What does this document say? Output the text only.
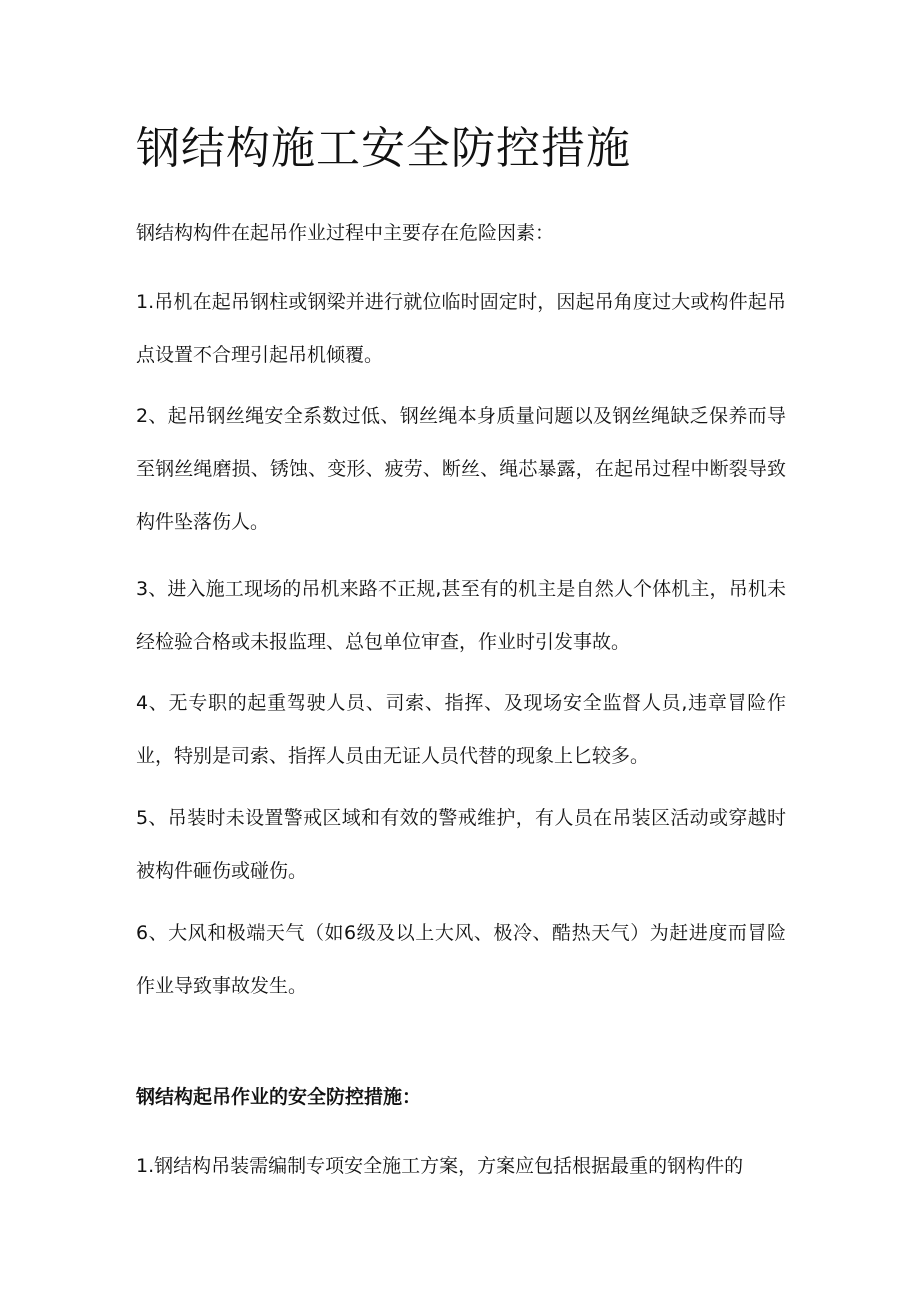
钢结构施工安全防控措施

钢结构构件在起吊作业过程中主要存在危险因素：

1.吊机在起吊钢柱或钢梁并进行就位临时固定时，因起吊角度过大或构件起吊点设置不合理引起吊机倾覆。

2、起吊钢丝绳安全系数过低、钢丝绳本身质量问题以及钢丝绳缺乏保养而导至钢丝绳磨损、锈蚀、变形、疲劳、断丝、绳芯暴露，在起吊过程中断裂导致构件坠落伤人。

3、进入施工现场的吊机来路不正规,甚至有的机主是自然人个体机主，吊机未经检验合格或未报监理、总包单位审查，作业时引发事故。

4、无专职的起重驾驶人员、司索、指挥、及现场安全监督人员,违章冒险作业，特别是司索、指挥人员由无证人员代替的现象上匕较多。

5、吊装时未设置警戒区域和有效的警戒维护，有人员在吊装区活动或穿越时被构件砸伤或碰伤。

6、大风和极端天气（如6级及以上大风、极冷、酷热天气）为赶进度而冒险作业导致事故发生。

钢结构起吊作业的安全防控措施：

1.钢结构吊装需编制专项安全施工方案，方案应包括根据最重的钢构件的
